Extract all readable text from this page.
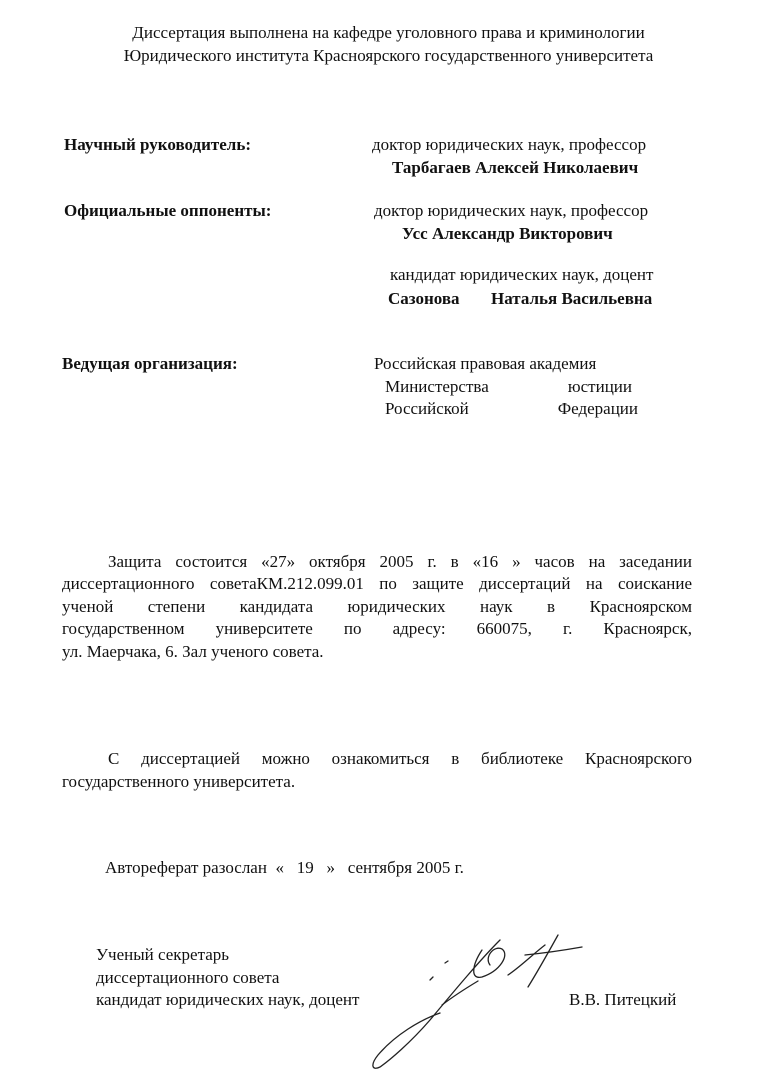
Диссертация выполнена на кафедре уголовного права и криминологии
Юридического института Красноярского государственного университета
Научный руководитель:	доктор юридических наук, профессор
Тарбагаев Алексей Николаевич
Официальные оппоненты:	доктор юридических наук, профессор
Усс Александр Викторович
кандидат юридических наук, доцент
Сазонова Наталья Васильевна
Ведущая организация:	Российская правовая академия
Министерства	юстиции
Российской	Федерации
Защита состоится «27» октября 2005 г. в «16 » часов на заседании
диссертационного советаКМ.212.099.01 по защите диссертаций на соискание
ученой степени кандидата юридических наук в Красноярском
государственном университете по адресу: 660075, г. Красноярск,
ул. Маерчака, 6. Зал ученого совета.
С диссертацией можно ознакомиться в библиотеке Красноярского
государственного университета.
Автореферат разослан  «   19   »   сентября 2005 г.
Ученый секретарь
диссертационного совета
кандидат юридических наук, доцент	В.В. Питецкий
